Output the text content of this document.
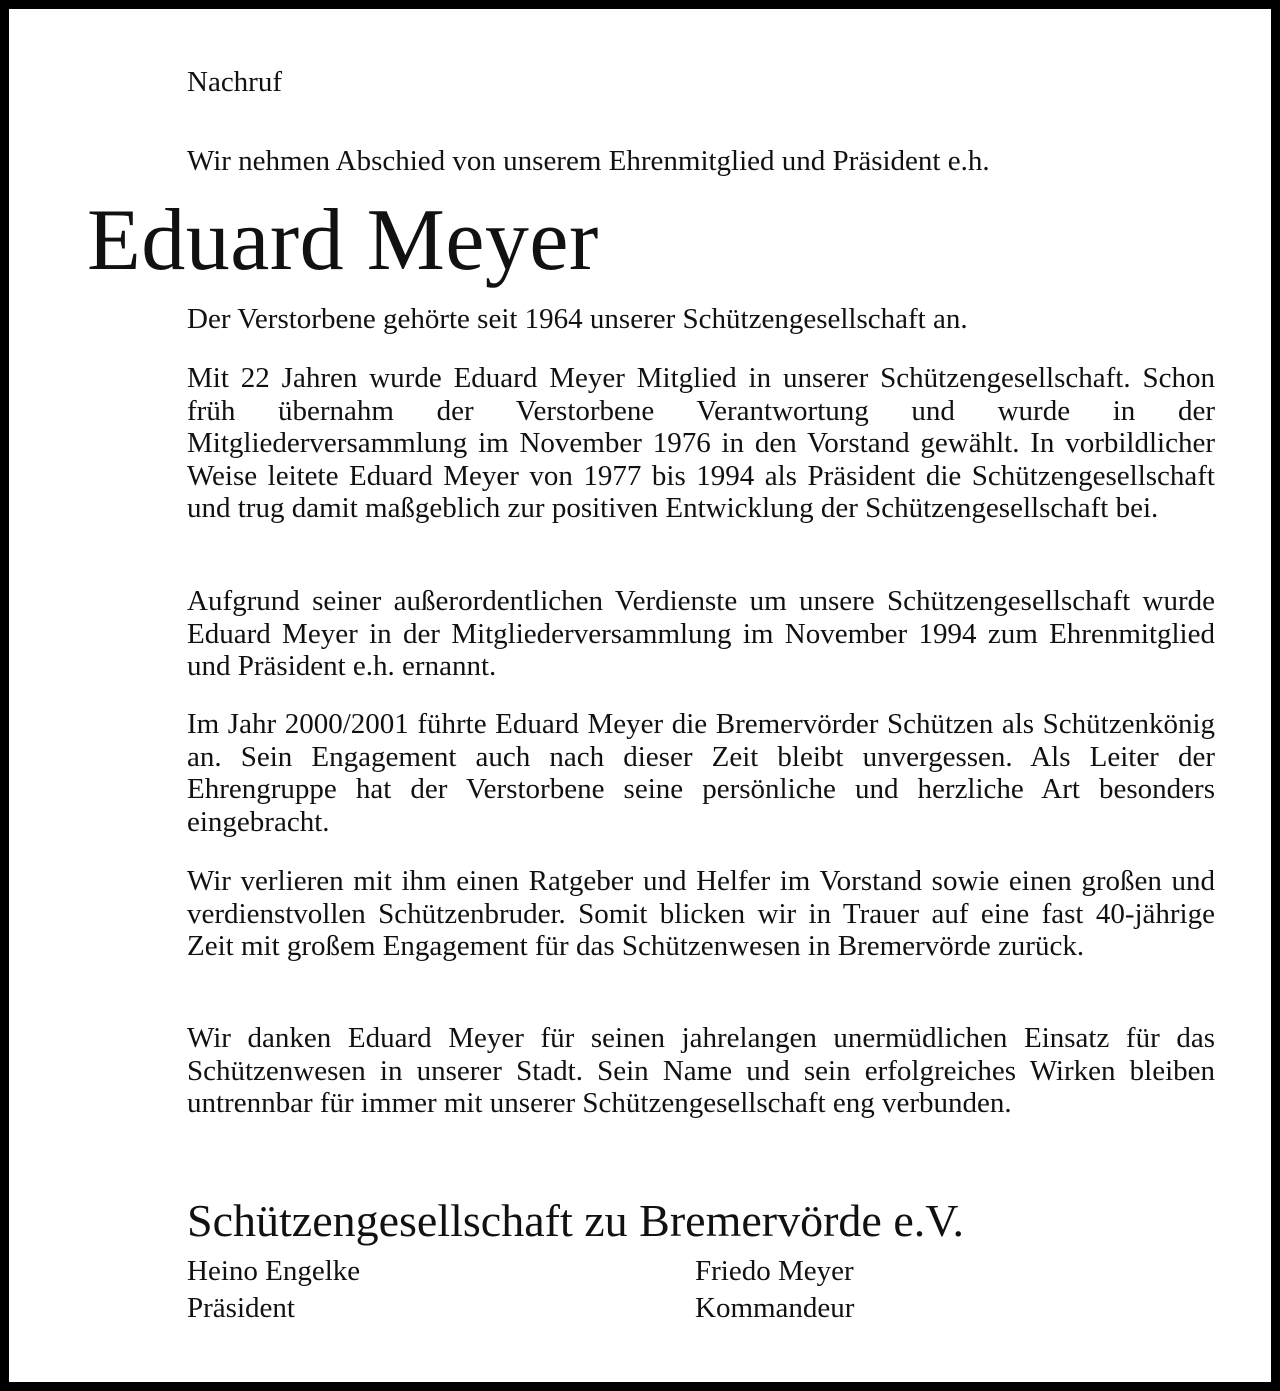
Nachruf

Wir nehmen Abschied von unserem Ehrenmitglied und Präsident e.h.

Eduard Meyer

Der Verstorbene gehörte seit 1964 unserer Schützengesellschaft an.

Mit 22 Jahren wurde Eduard Meyer Mitglied in unserer Schützengesellschaft. Schon früh übernahm der Verstorbene Verantwortung und wurde in der Mitgliederversammlung im November 1976 in den Vorstand gewählt. In vorbildlicher Weise leitete Eduard Meyer von 1977 bis 1994 als Präsident die Schützengesellschaft und trug damit maßgeblich zur positiven Entwicklung der Schützengesellschaft bei.

Aufgrund seiner außerordentlichen Verdienste um unsere Schützengesellschaft wurde Eduard Meyer in der Mitgliederversammlung im November 1994 zum Ehrenmitglied und Präsident e.h. ernannt.

Im Jahr 2000/2001 führte Eduard Meyer die Bremervörder Schützen als Schützenkönig an. Sein Engagement auch nach dieser Zeit bleibt unvergessen. Als Leiter der Ehrengruppe hat der Verstorbene seine persönliche und herzliche Art besonders eingebracht.

Wir verlieren mit ihm einen Ratgeber und Helfer im Vorstand sowie einen großen und verdienstvollen Schützenbruder. Somit blicken wir in Trauer auf eine fast 40-jährige Zeit mit großem Engagement für das Schützenwesen in Bremervörde zurück.

Wir danken Eduard Meyer für seinen jahrelangen unermüdlichen Einsatz für das Schützenwesen in unserer Stadt. Sein Name und sein erfolgreiches Wirken bleiben untrennbar für immer mit unserer Schützengesellschaft eng verbunden.

Schützengesellschaft zu Bremervörde e.V.
Heino Engelke
Präsident
Friedo Meyer
Kommandeur
